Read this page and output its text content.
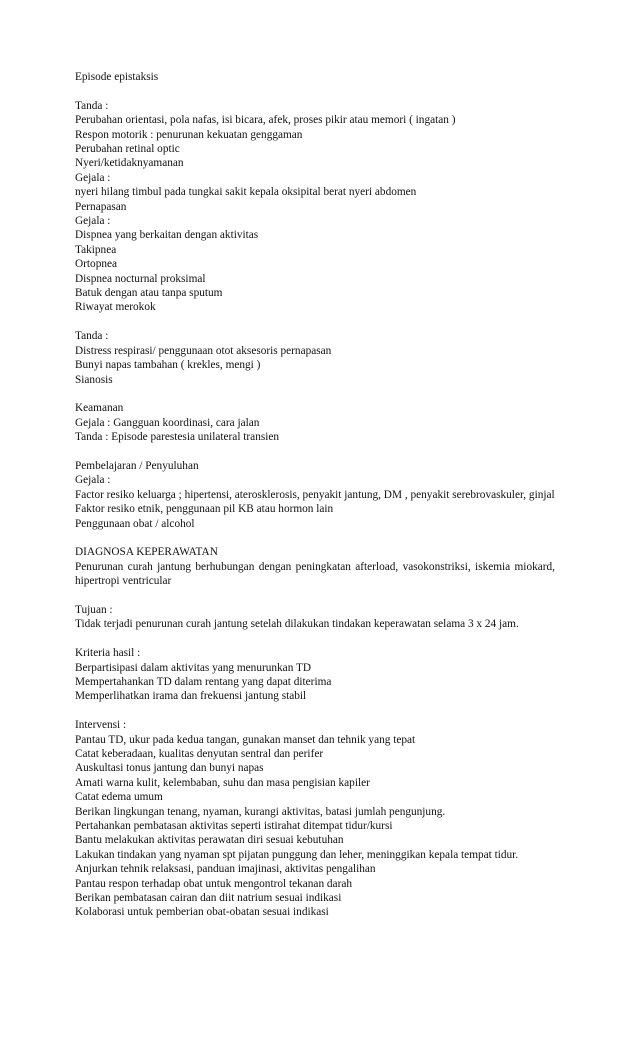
Episode epistaksis
Tanda :
Perubahan orientasi, pola nafas, isi bicara, afek, proses pikir atau memori ( ingatan )
Respon motorik : penurunan kekuatan genggaman
Perubahan retinal optic
Nyeri/ketidaknyamanan
Gejala :
nyeri hilang timbul pada tungkai sakit kepala oksipital berat nyeri abdomen
Pernapasan
Gejala :
Dispnea yang berkaitan dengan aktivitas
Takipnea
Ortopnea
Dispnea nocturnal proksimal
Batuk dengan atau tanpa sputum
Riwayat merokok
Tanda :
Distress respirasi/ penggunaan otot aksesoris pernapasan
Bunyi napas tambahan ( krekles, mengi )
Sianosis
Keamanan
Gejala : Gangguan koordinasi, cara jalan
Tanda : Episode parestesia unilateral transien
Pembelajaran / Penyuluhan
Gejala :
Factor resiko keluarga ; hipertensi, aterosklerosis, penyakit jantung, DM , penyakit serebrovaskuler, ginjal
Faktor resiko etnik, penggunaan pil KB atau hormon lain
Penggunaan obat / alcohol
DIAGNOSA KEPERAWATAN
Penurunan curah jantung berhubungan dengan peningkatan afterload, vasokonstriksi, iskemia miokard, hipertropi ventricular
Tujuan :
Tidak terjadi penurunan curah jantung setelah dilakukan tindakan keperawatan selama 3 x 24 jam.
Kriteria hasil :
Berpartisipasi dalam aktivitas yang menurunkan TD
Mempertahankan TD dalam rentang yang dapat diterima
Memperlihatkan irama dan frekuensi jantung stabil
Intervensi :
Pantau TD, ukur pada kedua tangan, gunakan manset dan tehnik yang tepat
Catat keberadaan, kualitas denyutan sentral dan perifer
Auskultasi tonus jantung dan bunyi napas
Amati warna kulit, kelembaban, suhu dan masa pengisian kapiler
Catat edema umum
Berikan lingkungan tenang, nyaman, kurangi aktivitas, batasi jumlah pengunjung.
Pertahankan pembatasan aktivitas seperti istirahat ditempat tidur/kursi
Bantu melakukan aktivitas perawatan diri sesuai kebutuhan
Lakukan tindakan yang nyaman spt pijatan punggung dan leher, meninggikan kepala tempat tidur.
Anjurkan tehnik relaksasi, panduan imajinasi, aktivitas pengalihan
Pantau respon terhadap obat untuk mengontrol tekanan darah
Berikan pembatasan cairan dan diit natrium sesuai indikasi
Kolaborasi untuk pemberian obat-obatan sesuai indikasi
